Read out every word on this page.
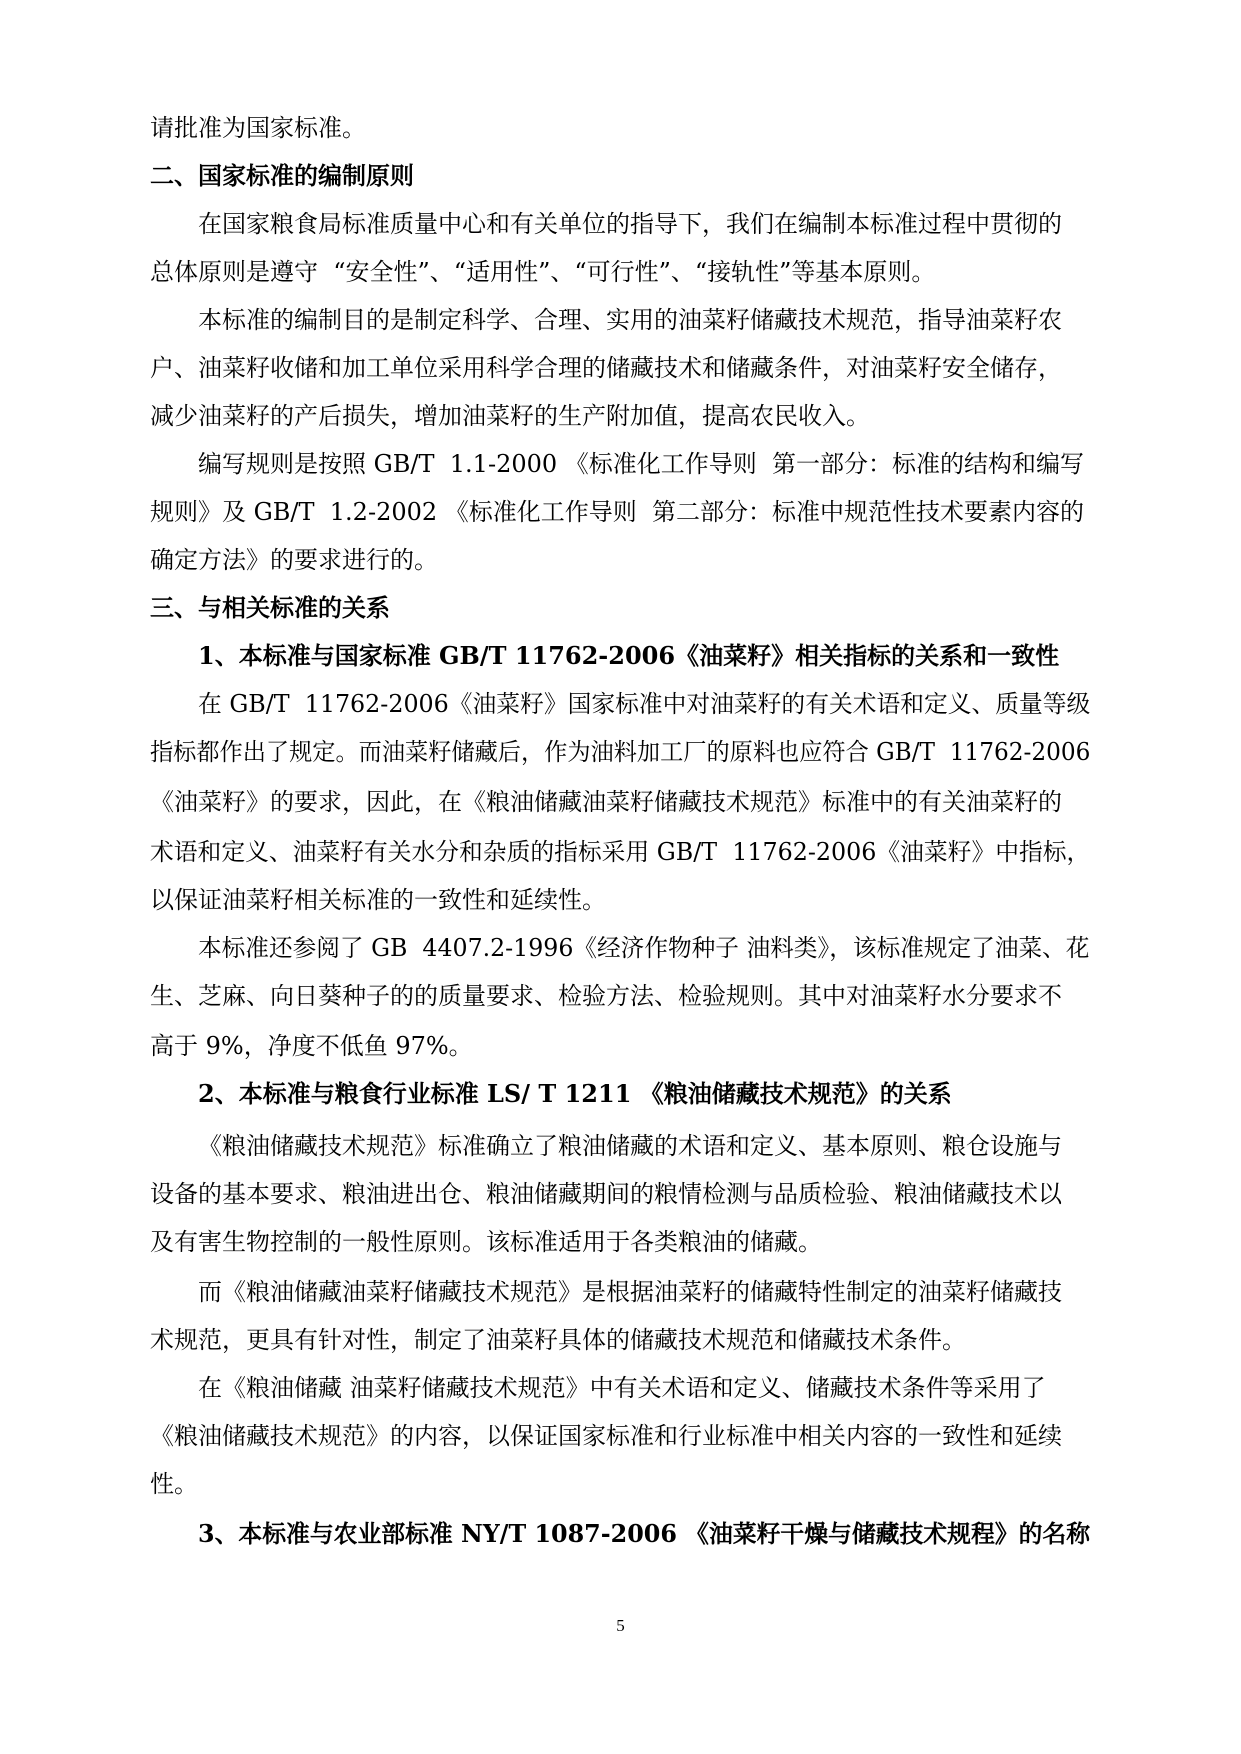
请批准为国家标准。
二、国家标准的编制原则
在国家粮食局标准质量中心和有关单位的指导下，我们在编制本标准过程中贯彻的
总体原则是遵守  “安全性”、“适用性”、“可行性”、“接轨性”等基本原则。
本标准的编制目的是制定科学、合理、实用的油菜籽储藏技术规范，指导油菜籽农
户、油菜籽收储和加工单位采用科学合理的储藏技术和储藏条件，对油菜籽安全储存，
减少油菜籽的产后损失，增加油菜籽的生产附加值，提高农民收入。
编写规则是按照 GB/T  1.1-2000 《标准化工作导则  第一部分：标准的结构和编写
规则》及 GB/T  1.2-2002 《标准化工作导则  第二部分：标准中规范性技术要素内容的
确定方法》的要求进行的。
三、与相关标准的关系
1、本标准与国家标准 GB/T 11762-2006《油菜籽》相关指标的关系和一致性
在 GB/T  11762-2006《油菜籽》国家标准中对油菜籽的有关术语和定义、质量等级
指标都作出了规定。而油菜籽储藏后，作为油料加工厂的原料也应符合 GB/T  11762-2006
《油菜籽》的要求，因此，在《粮油储藏油菜籽储藏技术规范》标准中的有关油菜籽的
术语和定义、油菜籽有关水分和杂质的指标采用 GB/T  11762-2006《油菜籽》中指标，
以保证油菜籽相关标准的一致性和延续性。
本标准还参阅了 GB  4407.2-1996《经济作物种子 油料类》，该标准规定了油菜、花
生、芝麻、向日葵种子的的质量要求、检验方法、检验规则。其中对油菜籽水分要求不
高于 9%，净度不低鱼 97%。
2、本标准与粮食行业标准 LS/ T 1211 《粮油储藏技术规范》的关系
《粮油储藏技术规范》标准确立了粮油储藏的术语和定义、基本原则、粮仓设施与
设备的基本要求、粮油进出仓、粮油储藏期间的粮情检测与品质检验、粮油储藏技术以
及有害生物控制的一般性原则。该标准适用于各类粮油的储藏。
而《粮油储藏油菜籽储藏技术规范》是根据油菜籽的储藏特性制定的油菜籽储藏技
术规范，更具有针对性，制定了油菜籽具体的储藏技术规范和储藏技术条件。
在《粮油储藏 油菜籽储藏技术规范》中有关术语和定义、储藏技术条件等采用了
《粮油储藏技术规范》的内容，以保证国家标准和行业标准中相关内容的一致性和延续
性。
3、本标准与农业部标准 NY/T 1087-2006 《油菜籽干燥与储藏技术规程》的名称
5
